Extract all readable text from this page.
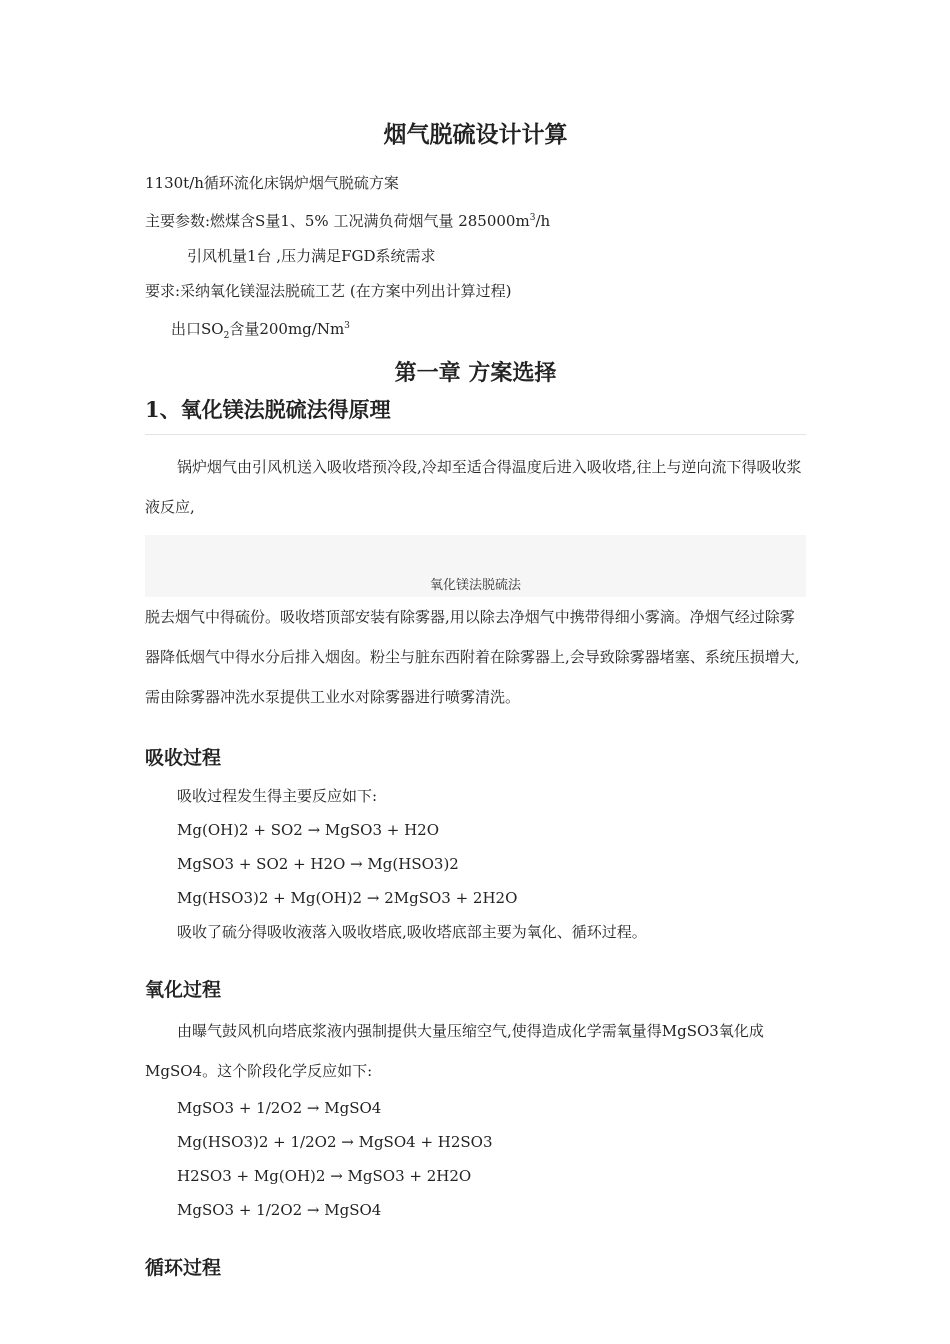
烟气脱硫设计计算

1130t/h循环流化床锅炉烟气脱硫方案

主要参数:燃煤含S量1、5% 工况满负荷烟气量 $285000m^3/h$

引风机量1台 ,压力满足FGD系统需求

要求:采纳氧化镁湿法脱硫工艺 (在方案中列出计算过程)

出口$SO_2$含量200mg/Nm$^3$

第一章 方案选择
1、氧化镁法脱硫法得原理

锅炉烟气由引风机送入吸收塔预冷段,冷却至适合得温度后进入吸收塔,往上与逆向流下得吸收浆液反应,

氧化镁法脱硫法

脱去烟气中得硫份。吸收塔顶部安装有除雾器,用以除去净烟气中携带得细小雾滴。净烟气经过除雾器降低烟气中得水分后排入烟囱。粉尘与脏东西附着在除雾器上,会导致除雾器堵塞、系统压损增大,需由除雾器冲洗水泵提供工业水对除雾器进行喷雾清洗。

吸收过程

吸收过程发生得主要反应如下:

Mg(OH)2 + SO2 → MgSO3 + H2O

MgSO3 + SO2 + H2O → Mg(HSO3)2

Mg(HSO3)2 + Mg(OH)2 → 2MgSO3 + 2H2O

吸收了硫分得吸收液落入吸收塔底,吸收塔底部主要为氧化、循环过程。

氧化过程

由曝气鼓风机向塔底浆液内强制提供大量压缩空气,使得造成化学需氧量得MgSO3氧化成MgSO4。这个阶段化学反应如下:

MgSO3 + 1/2O2 → MgSO4

Mg(HSO3)2 + 1/2O2 → MgSO4 + H2SO3

H2SO3 + Mg(OH)2 → MgSO3 + 2H2O

MgSO3 + 1/2O2 → MgSO4

循环过程
